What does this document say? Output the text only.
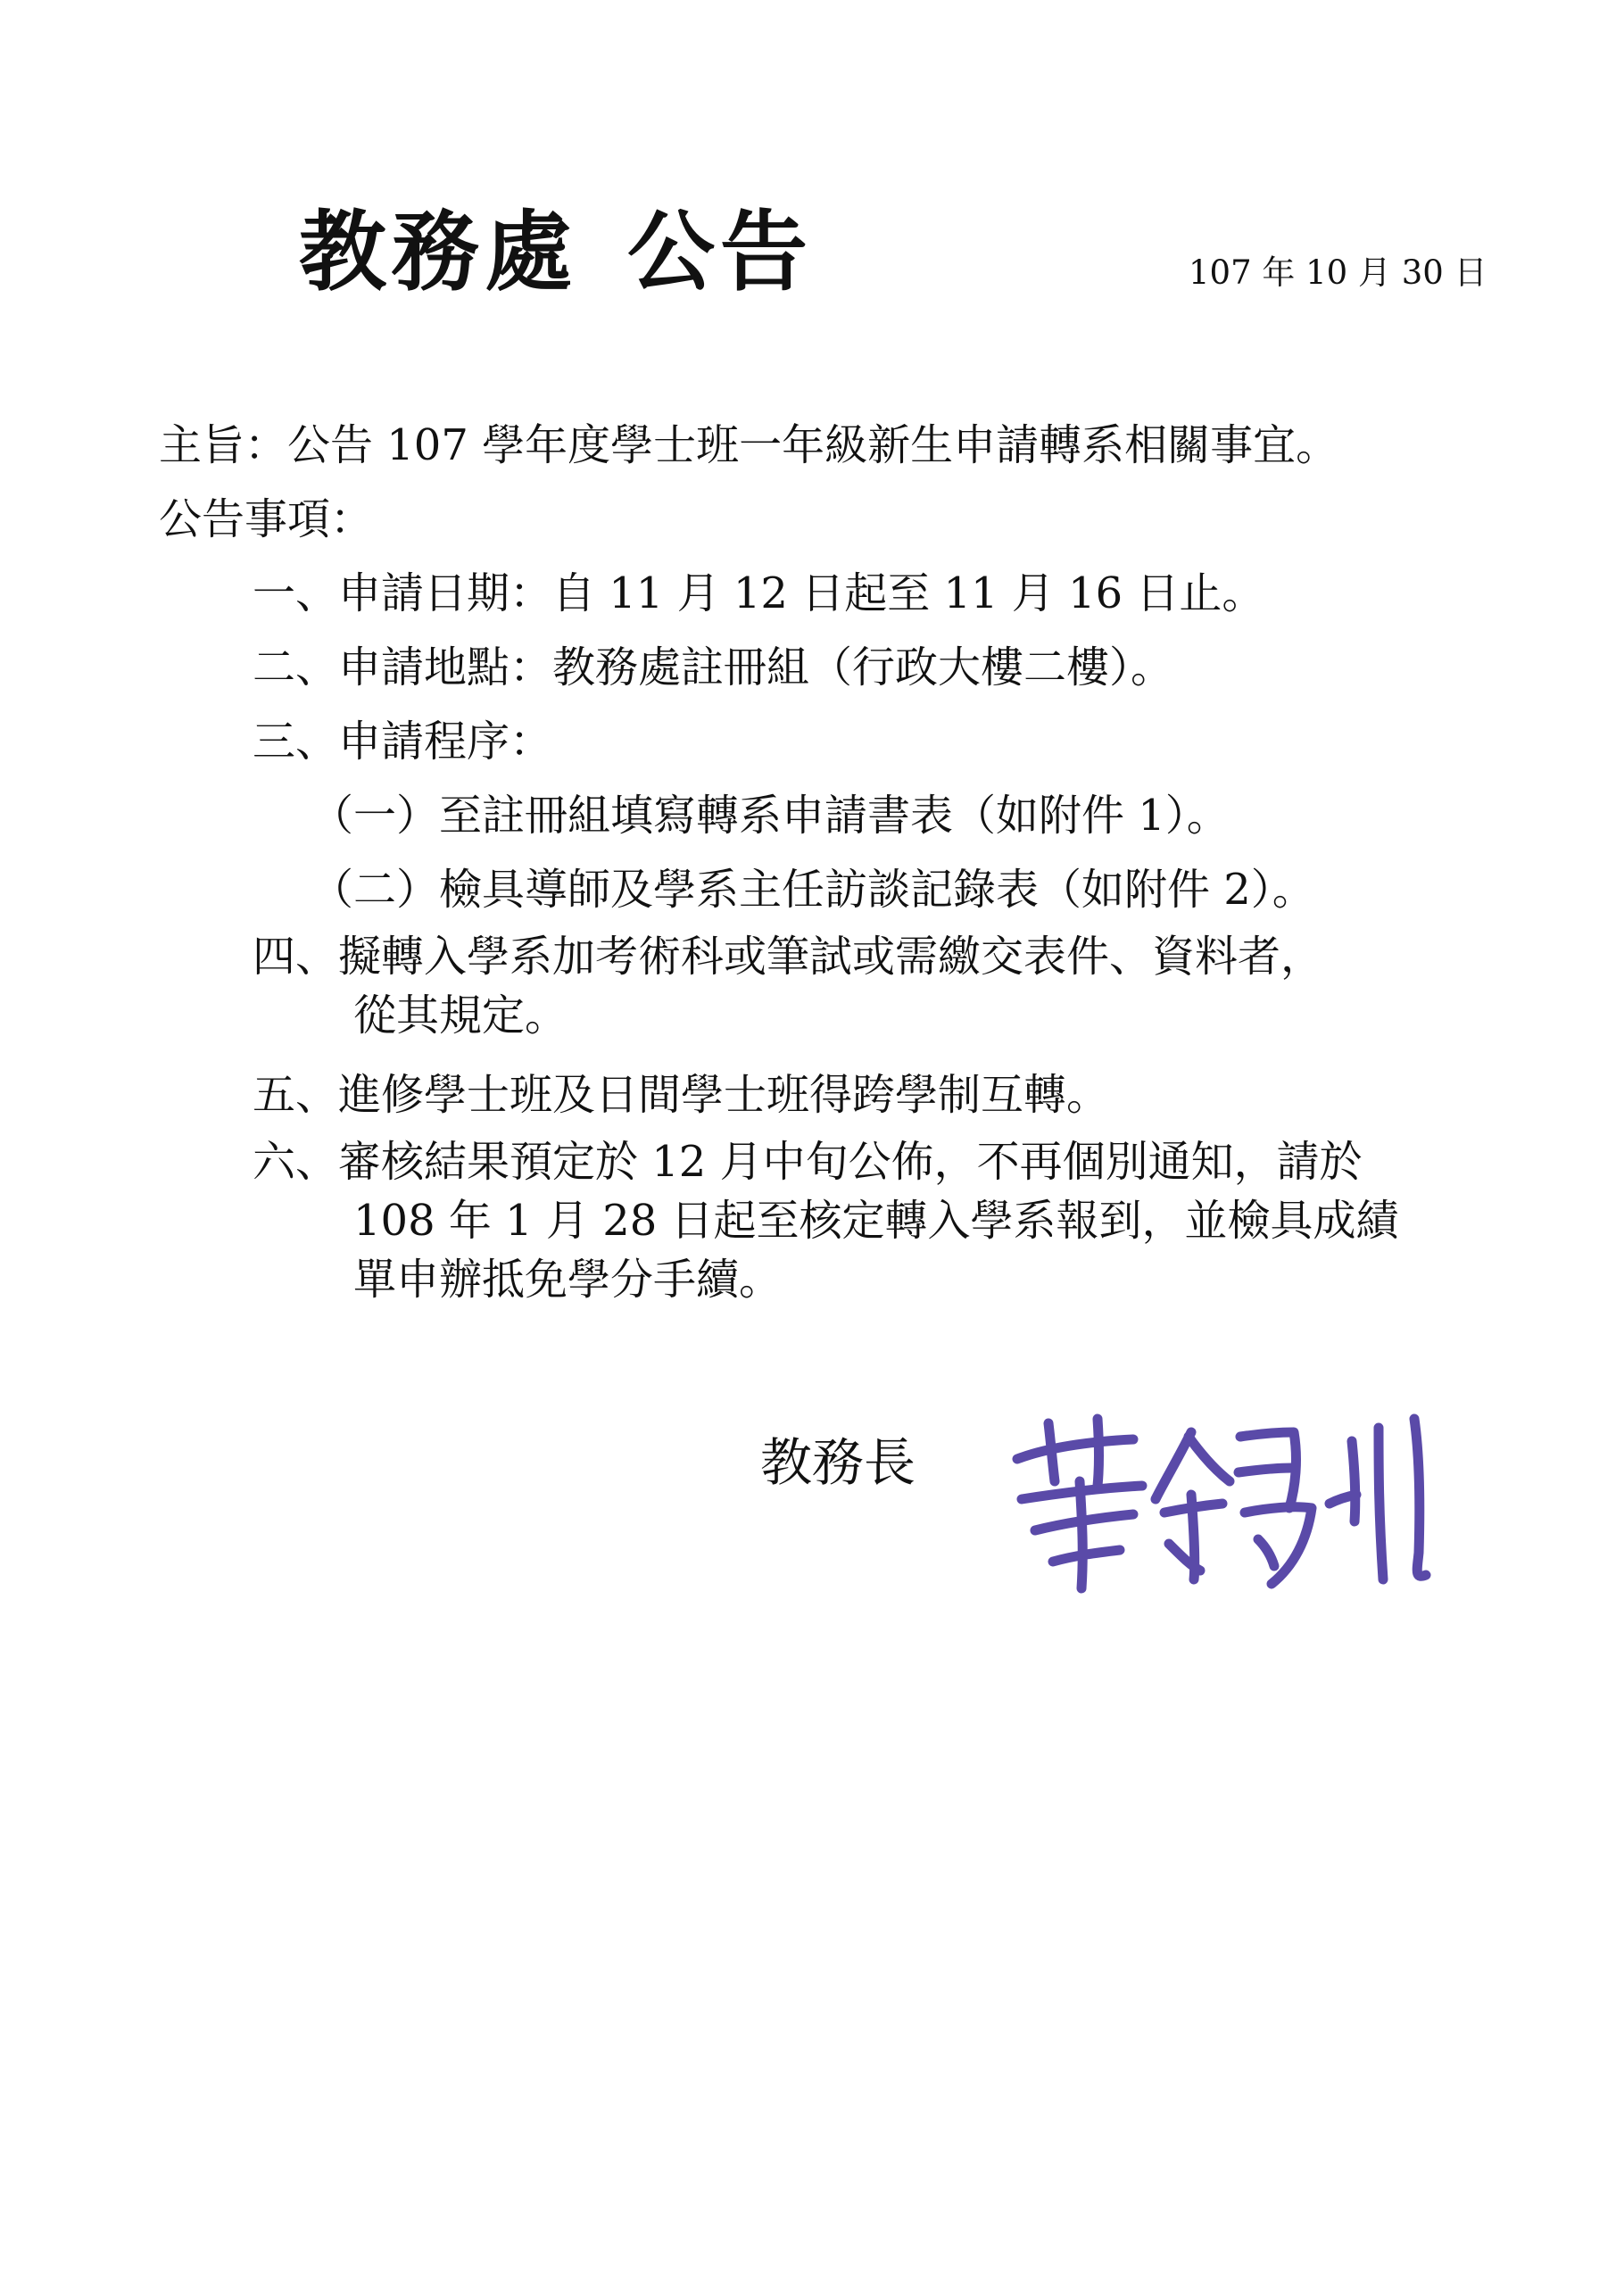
教務處 公告	107 年 10 月 30 日
主旨：公告 107 學年度學士班一年級新生申請轉系相關事宜。
公告事項：
一、申請日期：自 11 月 12 日起至 11 月 16 日止。
二、申請地點：教務處註冊組（行政大樓二樓）。
三、申請程序：
（一）至註冊組填寫轉系申請書表（如附件 1）。
（二）檢具導師及學系主任訪談記錄表（如附件 2）。
四、擬轉入學系加考術科或筆試或需繳交表件、資料者，
從其規定。
五、進修學士班及日間學士班得跨學制互轉。
六、審核結果預定於 12 月中旬公佈，不再個別通知，請於
108 年 1 月 28 日起至核定轉入學系報到，並檢具成績
單申辦抵免學分手續。
教務長
